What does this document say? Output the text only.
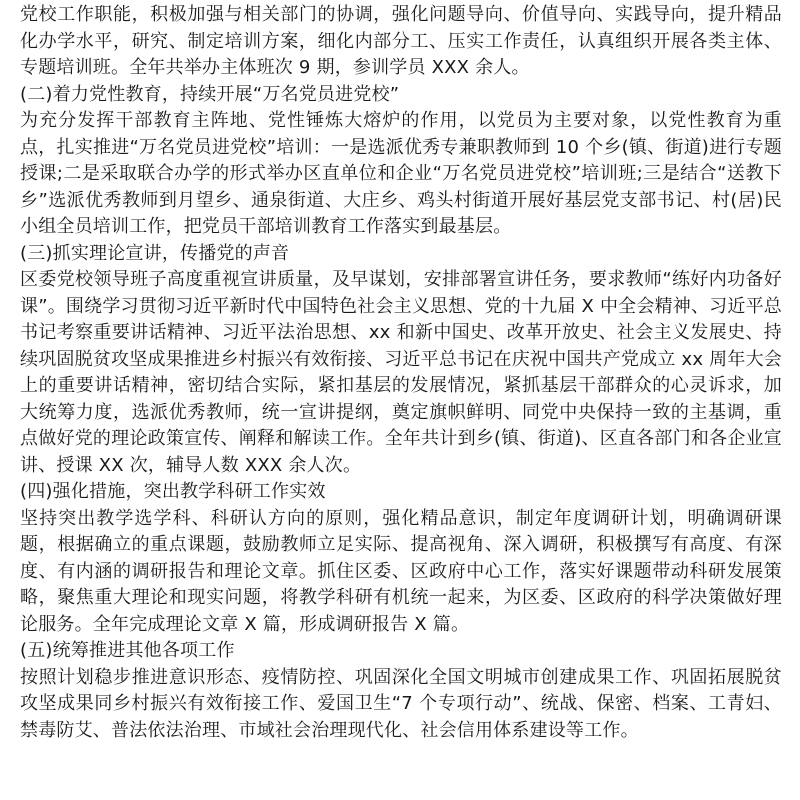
党校工作职能，积极加强与相关部门的协调，强化问题导向、价值导向、实践导向，提升精品化办学水平，研究、制定培训方案，细化内部分工、压实工作责任，认真组织开展各类主体、专题培训班。全年共举办主体班次 9 期，参训学员 XXX 余人。

(二)着力党性教育，持续开展“万名党员进党校”

为充分发挥干部教育主阵地、党性锤炼大熔炉的作用，以党员为主要对象，以党性教育为重点，扎实推进“万名党员进党校”培训：一是选派优秀专兼职教师到 10 个乡(镇、街道)进行专题授课;二是采取联合办学的形式举办区直单位和企业“万名党员进党校”培训班;三是结合“送教下乡”选派优秀教师到月望乡、通泉街道、大庄乡、鸡头村街道开展好基层党支部书记、村(居)民小组全员培训工作，把党员干部培训教育工作落实到最基层。

(三)抓实理论宣讲，传播党的声音

区委党校领导班子高度重视宣讲质量，及早谋划，安排部署宣讲任务，要求教师“练好内功备好课”。围绕学习贯彻习近平新时代中国特色社会主义思想、党的十九届 X 中全会精神、习近平总书记考察重要讲话精神、习近平法治思想、xx 和新中国史、改革开放史、社会主义发展史、持续巩固脱贫攻坚成果推进乡村振兴有效衔接、习近平总书记在庆祝中国共产党成立 xx 周年大会上的重要讲话精神，密切结合实际，紧扣基层的发展情况，紧抓基层干部群众的心灵诉求，加大统筹力度，选派优秀教师，统一宣讲提纲，奠定旗帜鲜明、同党中央保持一致的主基调，重点做好党的理论政策宣传、阐释和解读工作。全年共计到乡(镇、街道)、区直各部门和各企业宣讲、授课 XX 次，辅导人数 XXX 余人次。

(四)强化措施，突出教学科研工作实效

坚持突出教学选学科、科研认方向的原则，强化精品意识，制定年度调研计划，明确调研课题，根据确立的重点课题，鼓励教师立足实际、提高视角、深入调研，积极撰写有高度、有深度、有内涵的调研报告和理论文章。抓住区委、区政府中心工作，落实好课题带动科研发展策略，聚焦重大理论和现实问题，将教学科研有机统一起来，为区委、区政府的科学决策做好理论服务。全年完成理论文章 X 篇，形成调研报告 X 篇。

(五)统筹推进其他各项工作

按照计划稳步推进意识形态、疫情防控、巩固深化全国文明城市创建成果工作、巩固拓展脱贫攻坚成果同乡村振兴有效衔接工作、爱国卫生“7 个专项行动”、统战、保密、档案、工青妇、禁毒防艾、普法依法治理、市域社会治理现代化、社会信用体系建设等工作。
